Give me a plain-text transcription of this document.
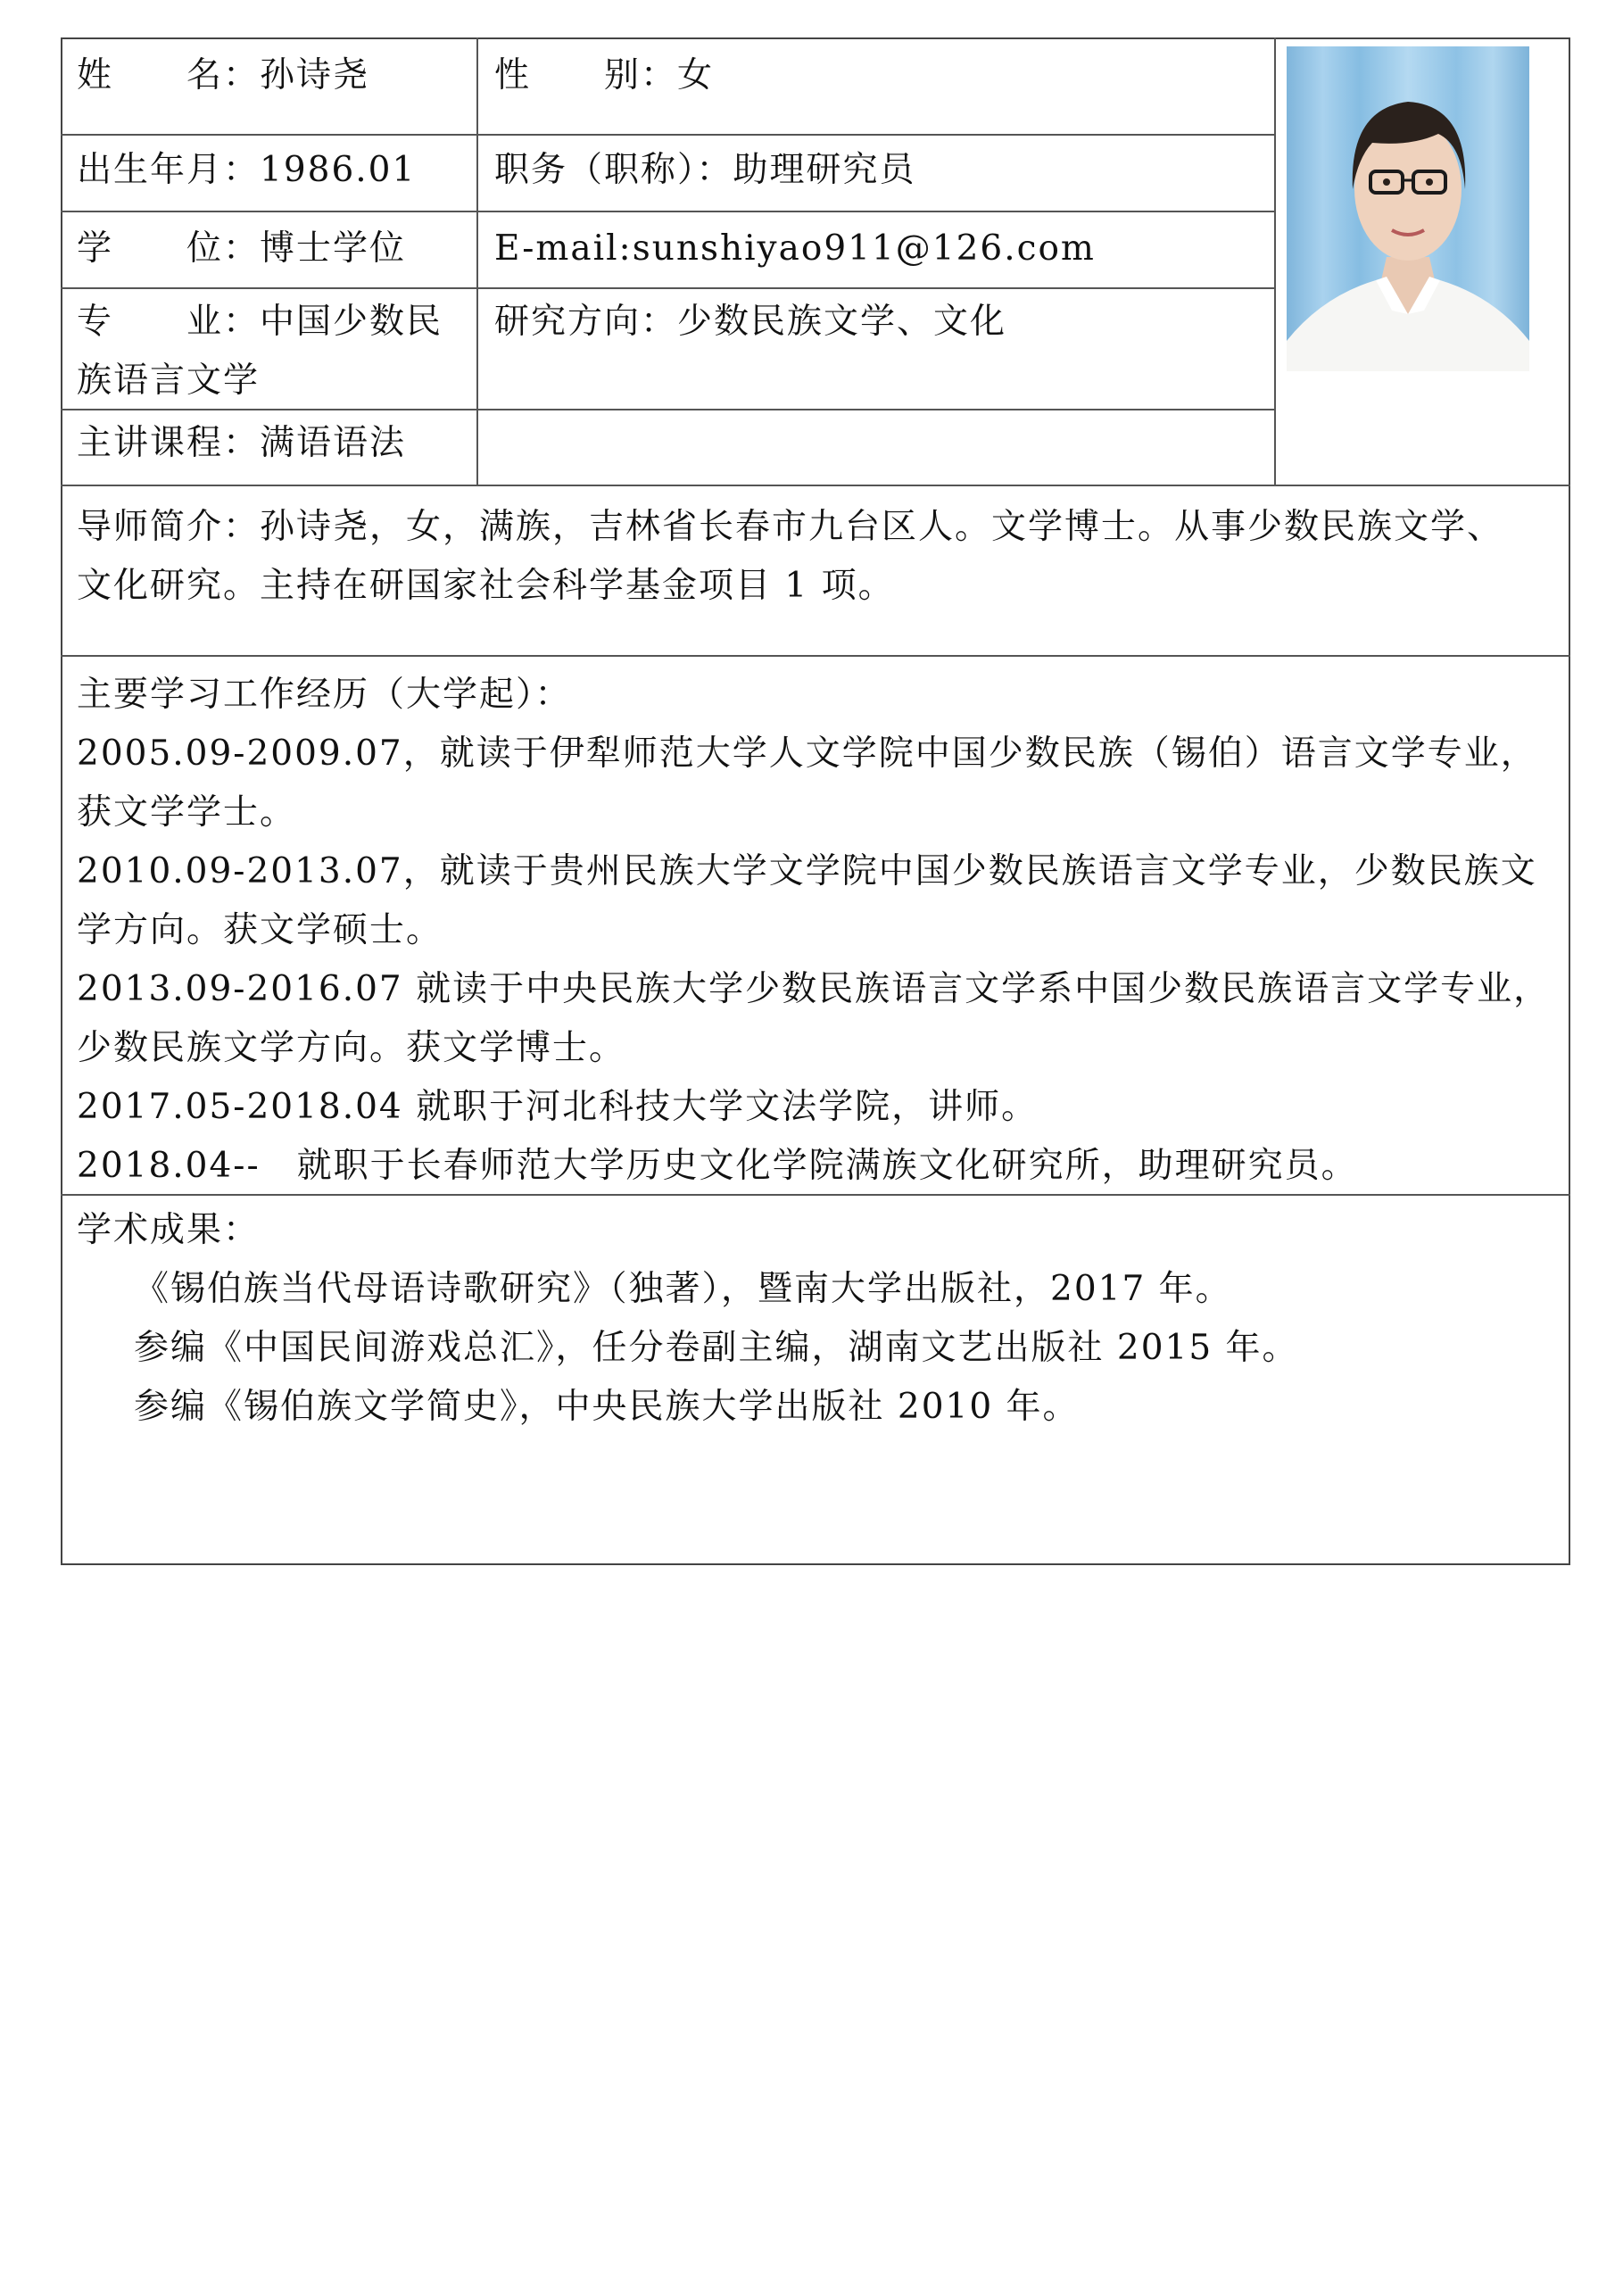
姓　　名：孙诗尧	性　　别：女
出生年月：1986.01 职务（职称）：助理研究员
学　　位：博士学位	E-mail:sunshiyao911@126.com
专　　业：中国少数民
族语言文学
研究方向：少数民族文学、文化
主讲课程：满语语法
导师简介：孙诗尧，女，满族，吉林省长春市九台区人。文学博士。从事少数民族文学、
文化研究。主持在研国家社会科学基金项目 1 项。
主要学习工作经历（大学起）：
2005.09-2009.07，就读于伊犁师范大学人文学院中国少数民族（锡伯）语言文学专业，
获文学学士。
2010.09-2013.07，就读于贵州民族大学文学院中国少数民族语言文学专业，少数民族文
学方向。获文学硕士。
2013.09-2016.07 就读于中央民族大学少数民族语言文学系中国少数民族语言文学专业，
少数民族文学方向。获文学博士。
2017.05-2018.04 就职于河北科技大学文法学院，讲师。
2018.04--　就职于长春师范大学历史文化学院满族文化研究所，助理研究员。
学术成果：
《锡伯族当代母语诗歌研究》（独著），暨南大学出版社，2017 年。
参编《中国民间游戏总汇》，任分卷副主编，湖南文艺出版社 2015 年。
参编《锡伯族文学简史》，中央民族大学出版社 2010 年。
